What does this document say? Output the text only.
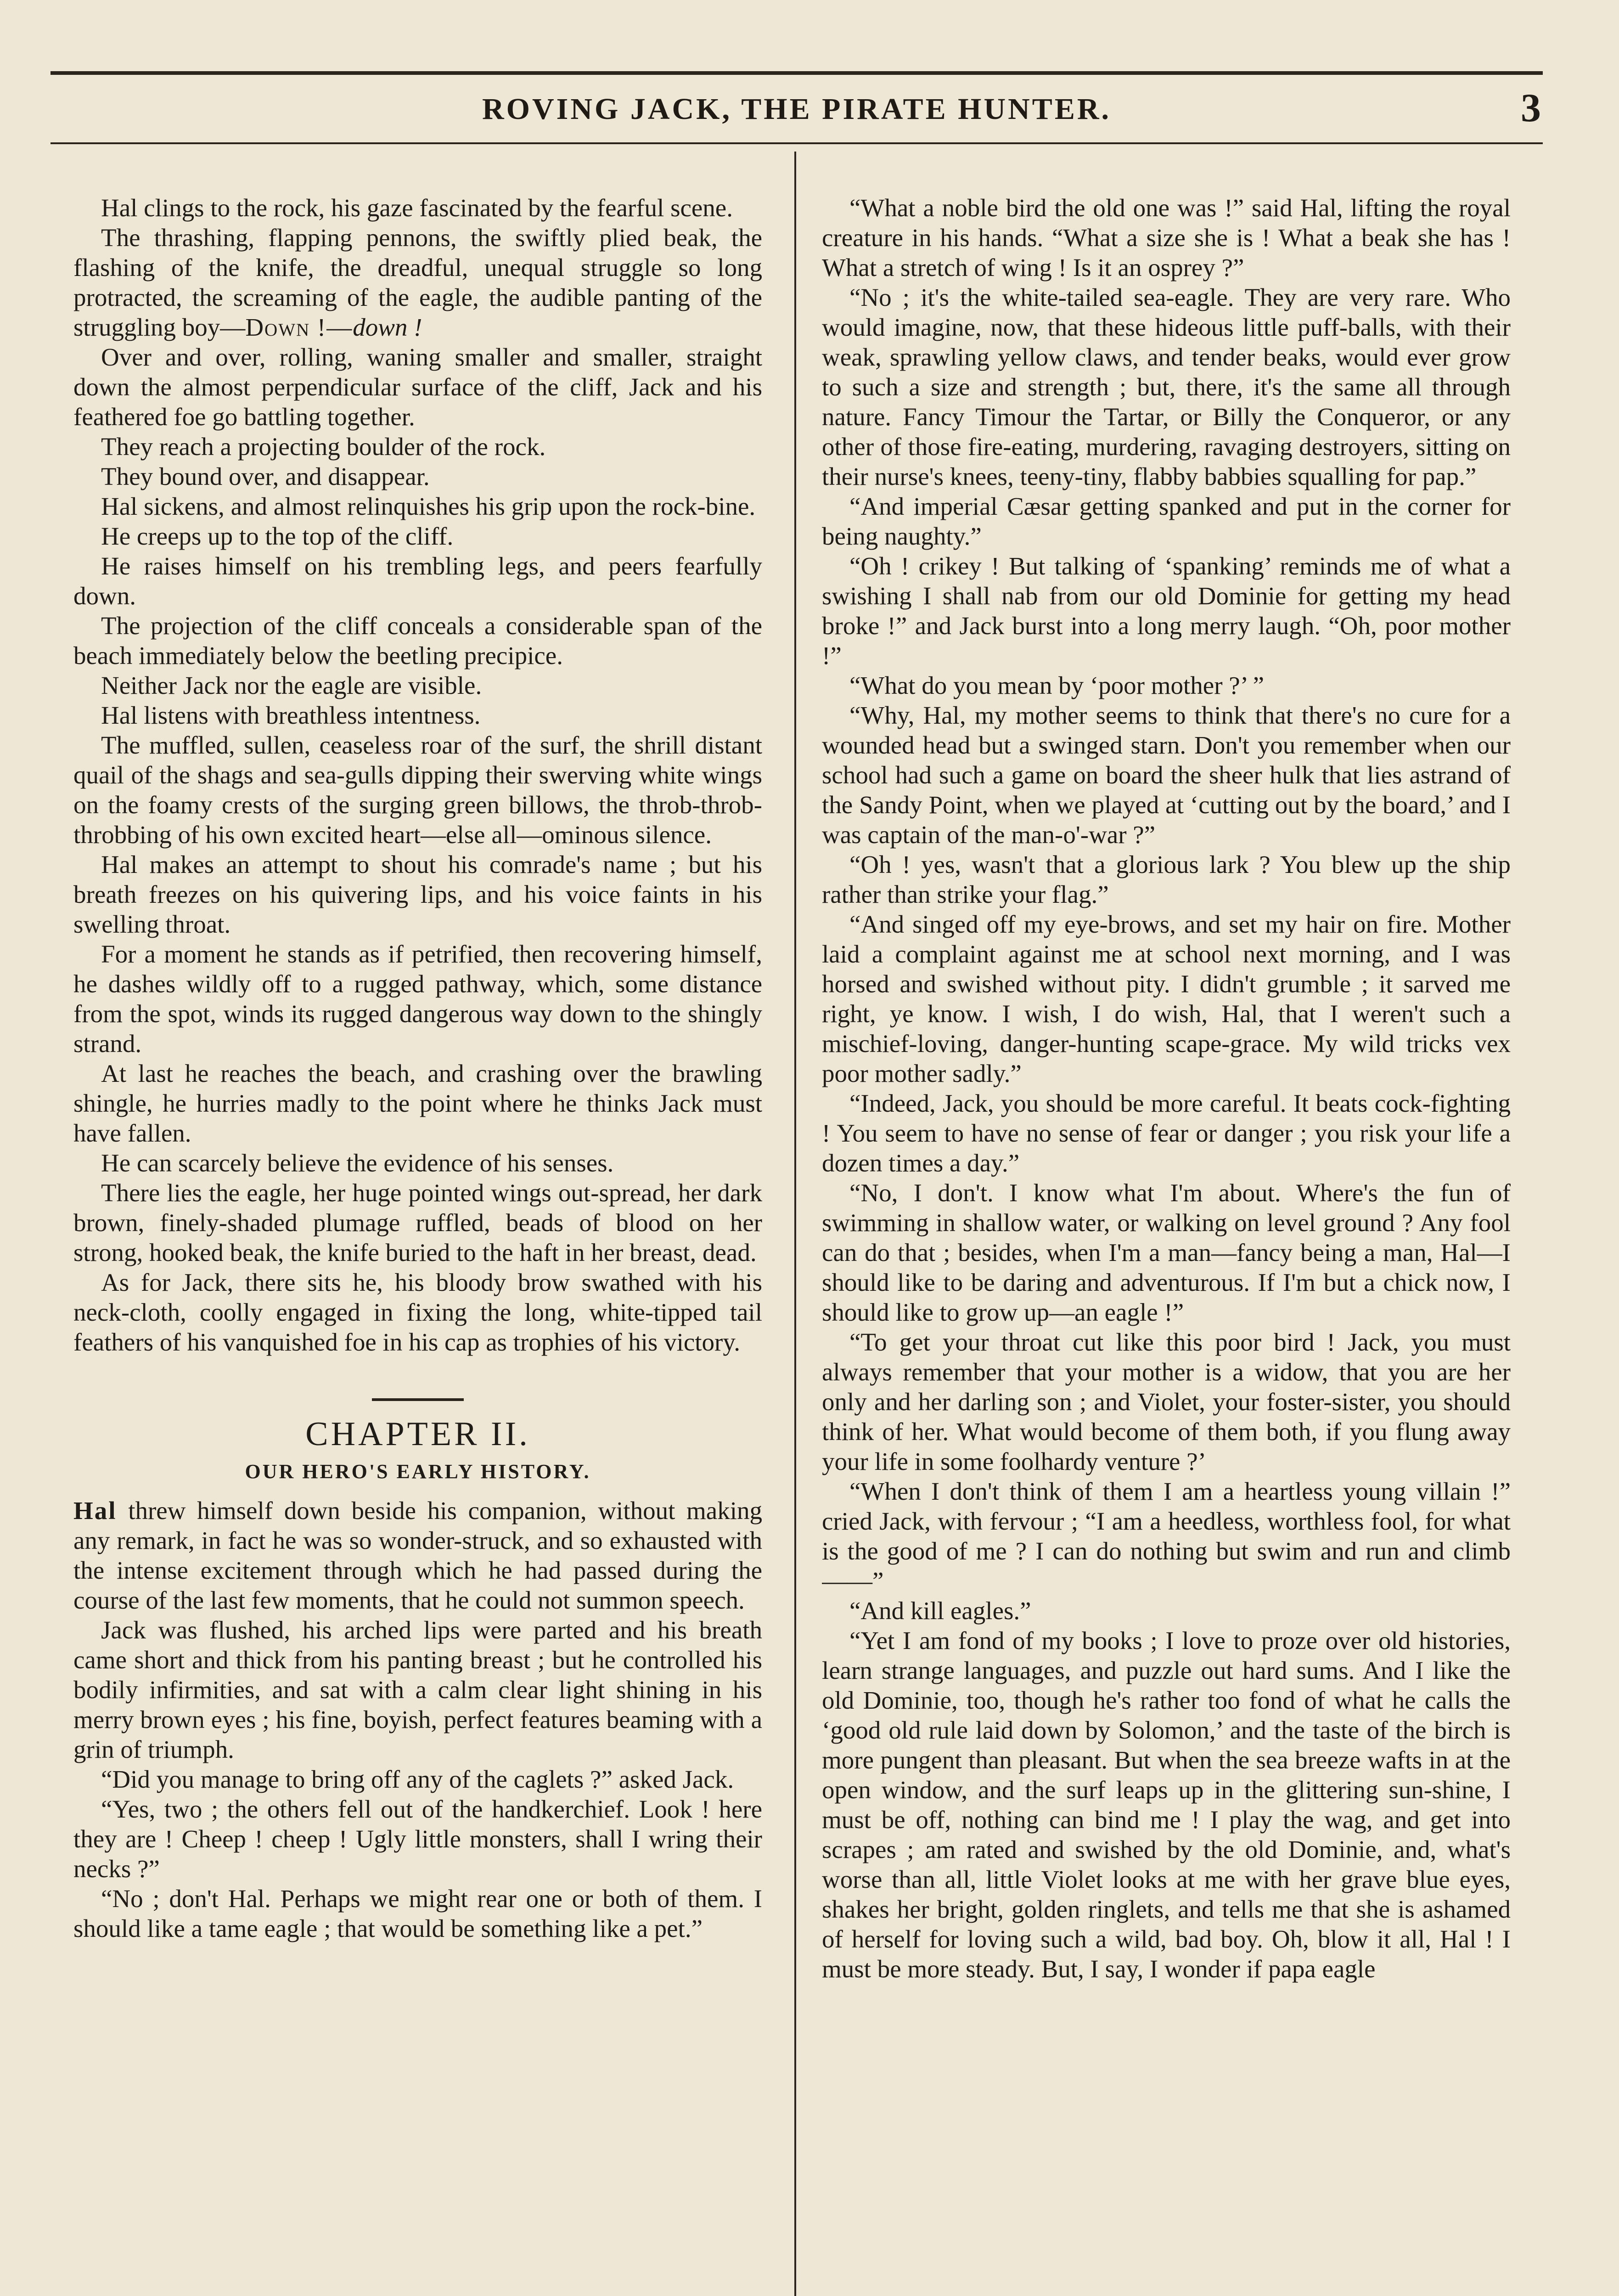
ROVING JACK, THE PIRATE HUNTER.	3

Hal clings to the rock, his gaze fascinated by the fearful scene.

The thrashing, flapping pennons, the swiftly plied beak, the flashing of the knife, the dreadful, unequal struggle so long protracted, the screaming of the eagle, the audible panting of the struggling boy—Down !—down !

Over and over, rolling, waning smaller and smaller, straight down the almost perpendicular surface of the cliff, Jack and his feathered foe go battling together.

They reach a projecting boulder of the rock.

They bound over, and disappear.

Hal sickens, and almost relinquishes his grip upon the rock-bine.

He creeps up to the top of the cliff.

He raises himself on his trembling legs, and peers fearfully down.

The projection of the cliff conceals a considerable span of the beach immediately below the beetling precipice.

Neither Jack nor the eagle are visible.

Hal listens with breathless intentness.

The muffled, sullen, ceaseless roar of the surf, the shrill distant quail of the shags and sea-gulls dipping their swerving white wings on the foamy crests of the surging green billows, the throb-throb-throbbing of his own excited heart—else all—ominous silence.

Hal makes an attempt to shout his comrade's name ; but his breath freezes on his quivering lips, and his voice faints in his swelling throat.

For a moment he stands as if petrified, then recovering himself, he dashes wildly off to a rugged pathway, which, some distance from the spot, winds its rugged dangerous way down to the shingly strand.

At last he reaches the beach, and crashing over the brawling shingle, he hurries madly to the point where he thinks Jack must have fallen.

He can scarcely believe the evidence of his senses.

There lies the eagle, her huge pointed wings out-spread, her dark brown, finely-shaded plumage ruffled, beads of blood on her strong, hooked beak, the knife buried to the haft in her breast, dead.

As for Jack, there sits he, his bloody brow swathed with his neck-cloth, coolly engaged in fixing the long, white-tipped tail feathers of his vanquished foe in his cap as trophies of his victory.

CHAPTER II.
OUR HERO'S EARLY HISTORY.

Hal threw himself down beside his companion, without making any remark, in fact he was so wonder-struck, and so exhausted with the intense excitement through which he had passed during the course of the last few moments, that he could not summon speech.

Jack was flushed, his arched lips were parted and his breath came short and thick from his panting breast ; but he controlled his bodily infirmities, and sat with a calm clear light shining in his merry brown eyes ; his fine, boyish, perfect features beaming with a grin of triumph.

“Did you manage to bring off any of the caglets ?” asked Jack.

“Yes, two ; the others fell out of the handkerchief. Look ! here they are ! Cheep ! cheep ! Ugly little monsters, shall I wring their necks ?”

“No ; don't Hal. Perhaps we might rear one or both of them. I should like a tame eagle ; that would be something like a pet.”

“What a noble bird the old one was !” said Hal, lifting the royal creature in his hands. “What a size she is ! What a beak she has ! What a stretch of wing ! Is it an osprey ?”

“No ; it's the white-tailed sea-eagle. They are very rare. Who would imagine, now, that these hideous little puff-balls, with their weak, sprawling yellow claws, and tender beaks, would ever grow to such a size and strength ; but, there, it's the same all through nature. Fancy Timour the Tartar, or Billy the Conqueror, or any other of those fire-eating, murdering, ravaging destroyers, sitting on their nurse's knees, teeny-tiny, flabby babbies squalling for pap.”

“And imperial Cæsar getting spanked and put in the corner for being naughty.”

“Oh ! crikey ! But talking of ‘spanking’ reminds me of what a swishing I shall nab from our old Dominie for getting my head broke !” and Jack burst into a long merry laugh. “Oh, poor mother !”

“What do you mean by ‘poor mother ?’ ”

“Why, Hal, my mother seems to think that there's no cure for a wounded head but a swinged starn. Don't you remember when our school had such a game on board the sheer hulk that lies astrand of the Sandy Point, when we played at ‘cutting out by the board,’ and I was captain of the man-o'-war ?”

“Oh ! yes, wasn't that a glorious lark ? You blew up the ship rather than strike your flag.”

“And singed off my eye-brows, and set my hair on fire. Mother laid a complaint against me at school next morning, and I was horsed and swished without pity. I didn't grumble ; it sarved me right, ye know. I wish, I do wish, Hal, that I weren't such a mischief-loving, danger-hunting scape-grace. My wild tricks vex poor mother sadly.”

“Indeed, Jack, you should be more careful. It beats cock-fighting ! You seem to have no sense of fear or danger ; you risk your life a dozen times a day.”

“No, I don't. I know what I'm about. Where's the fun of swimming in shallow water, or walking on level ground ? Any fool can do that ; besides, when I'm a man—fancy being a man, Hal—I should like to be daring and adventurous. If I'm but a chick now, I should like to grow up—an eagle !”

“To get your throat cut like this poor bird ! Jack, you must always remember that your mother is a widow, that you are her only and her darling son ; and Violet, your foster-sister, you should think of her. What would become of them both, if you flung away your life in some foolhardy venture ?’

“When I don't think of them I am a heartless young villain !” cried Jack, with fervour ; “I am a heedless, worthless fool, for what is the good of me ? I can do nothing but swim and run and climb——”

“And kill eagles.”

“Yet I am fond of my books ; I love to proze over old histories, learn strange languages, and puzzle out hard sums. And I like the old Dominie, too, though he's rather too fond of what he calls the ‘good old rule laid down by Solomon,’ and the taste of the birch is more pungent than pleasant. But when the sea breeze wafts in at the open window, and the surf leaps up in the glittering sun-shine, I must be off, nothing can bind me ! I play the wag, and get into scrapes ; am rated and swished by the old Dominie, and, what's worse than all, little Violet looks at me with her grave blue eyes, shakes her bright, golden ringlets, and tells me that she is ashamed of herself for loving such a wild, bad boy. Oh, blow it all, Hal ! I must be more steady. But, I say, I wonder if papa eagle
